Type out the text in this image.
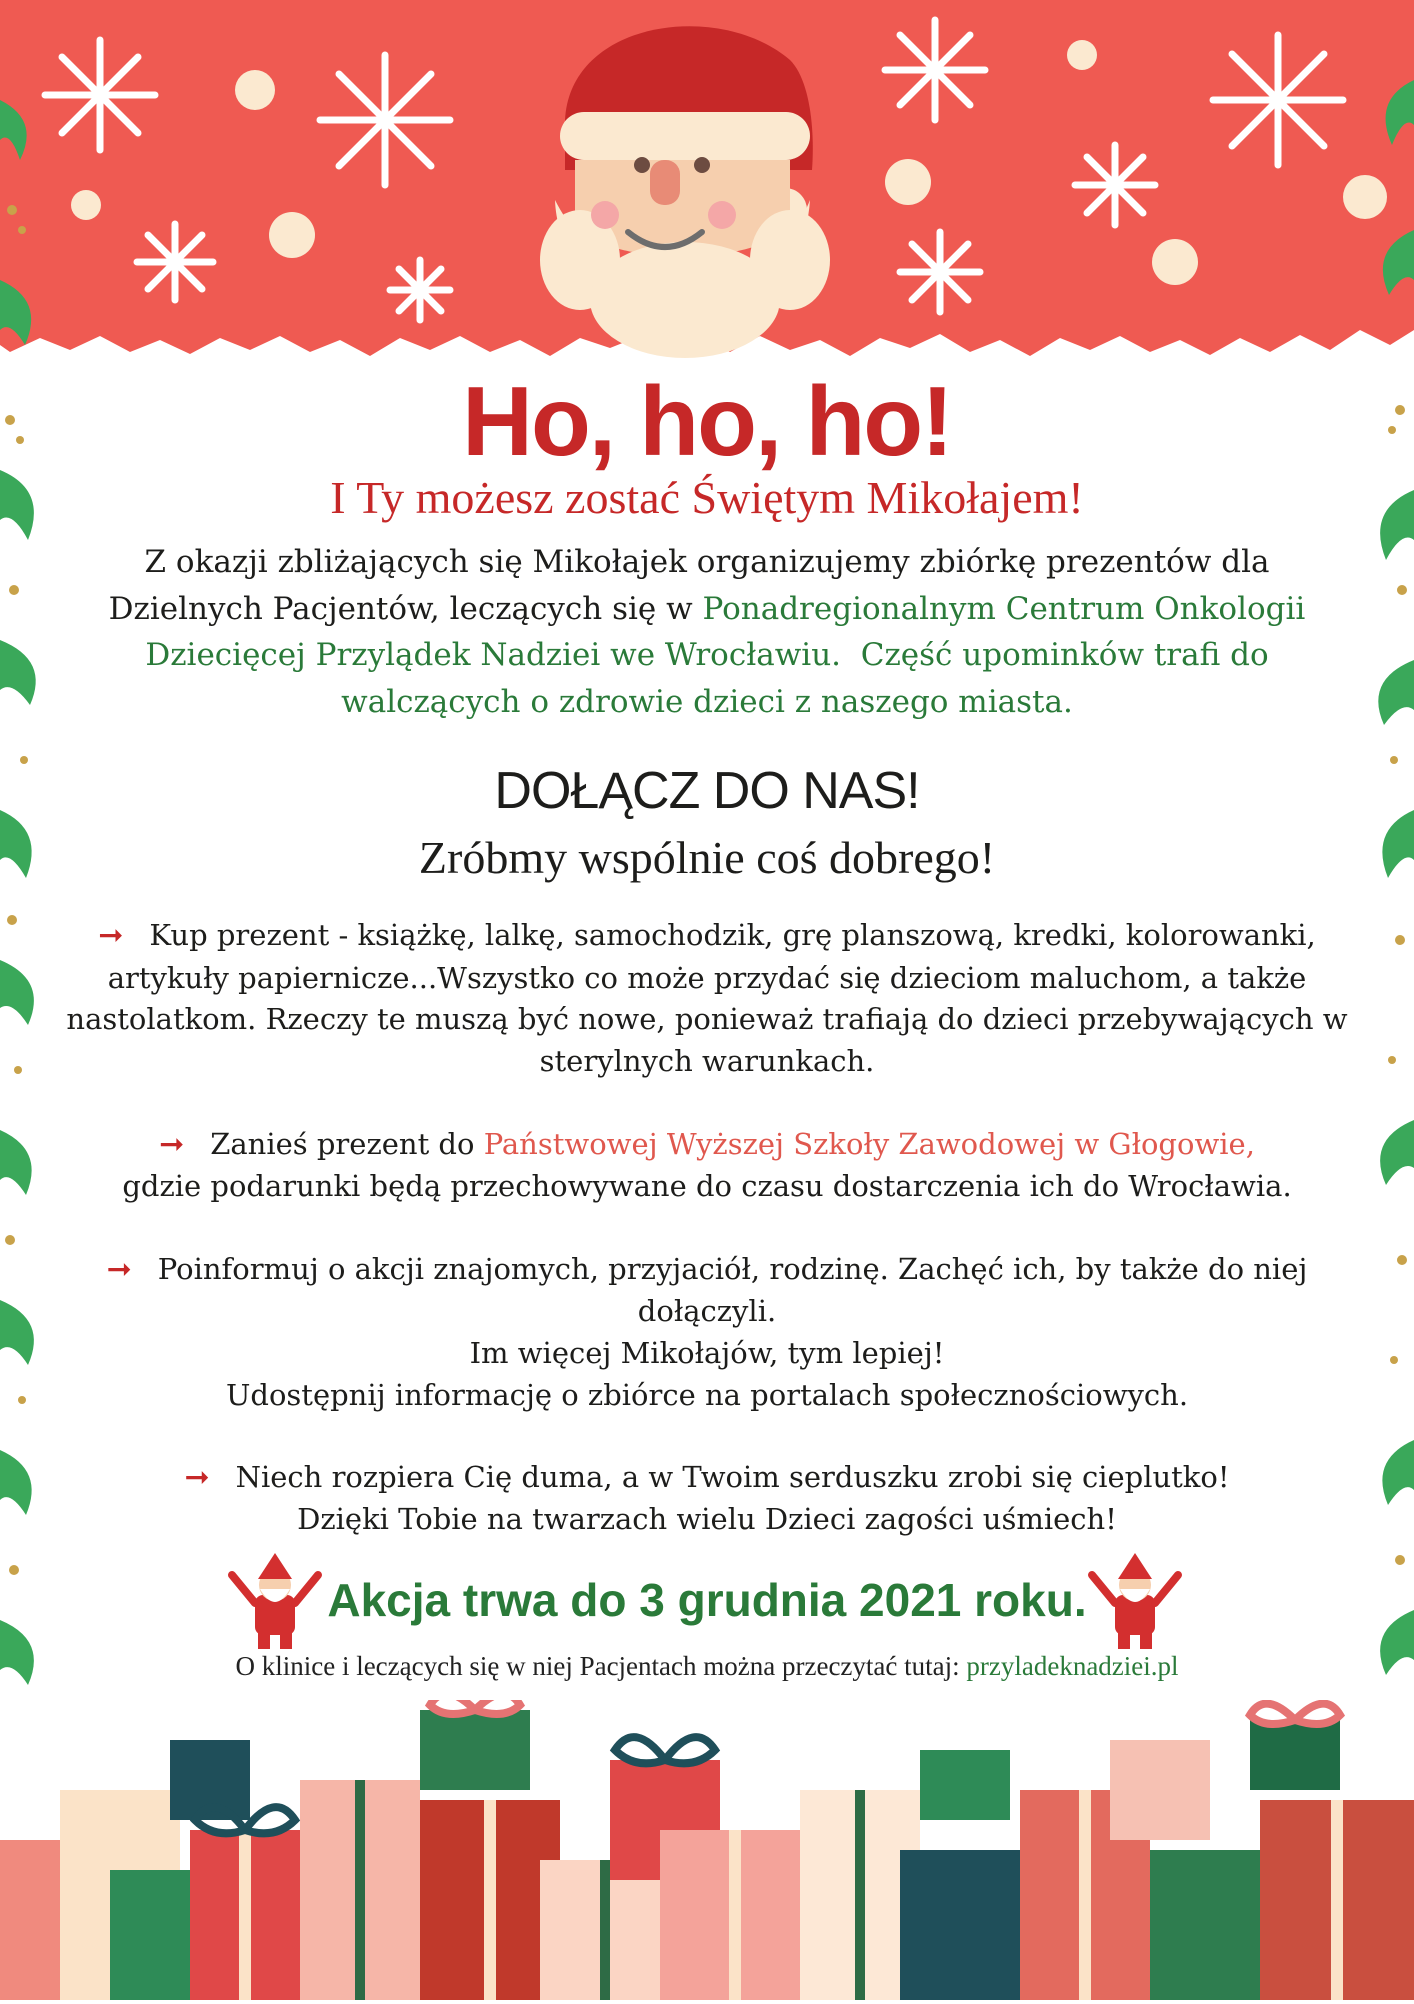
Ho, ho, ho!
I Ty możesz zostać Świętym Mikołajem!
Z okazji zbliżających się Mikołajek organizujemy zbiórkę prezentów dla Dzielnych Pacjentów, leczących się w Ponadregionalnym Centrum Onkologii Dziecięcej Przylądek Nadziei we Wrocławiu. Część upominków trafi do walczących o zdrowie dzieci z naszego miasta.
DOŁĄCZ DO NAS!
Zróbmy wspólnie coś dobrego!
➞ Kup prezent - książkę, lalkę, samochodzik, grę planszową, kredki, kolorowanki, artykuły papiernicze...Wszystko co może przydać się dzieciom maluchom, a także nastolatkom. Rzeczy te muszą być nowe, ponieważ trafiają do dzieci przebywających w sterylnych warunkach.
➞ Zanieś prezent do Państwowej Wyższej Szkoły Zawodowej w Głogowie,
gdzie podarunki będą przechowywane do czasu dostarczenia ich do Wrocławia.
➞ Poinformuj o akcji znajomych, przyjaciół, rodzinę. Zachęć ich, by także do niej dołączyli.
Im więcej Mikołajów, tym lepiej!
Udostępnij informację o zbiórce na portalach społecznościowych.
➞ Niech rozpiera Cię duma, a w Twoim serduszku zrobi się cieplutko!
Dzięki Tobie na twarzach wielu Dzieci zagości uśmiech!
Akcja trwa do 3 grudnia 2021 roku.
O klinice i leczących się w niej Pacjentach można przeczytać tutaj: przyladeknadziei.pl
